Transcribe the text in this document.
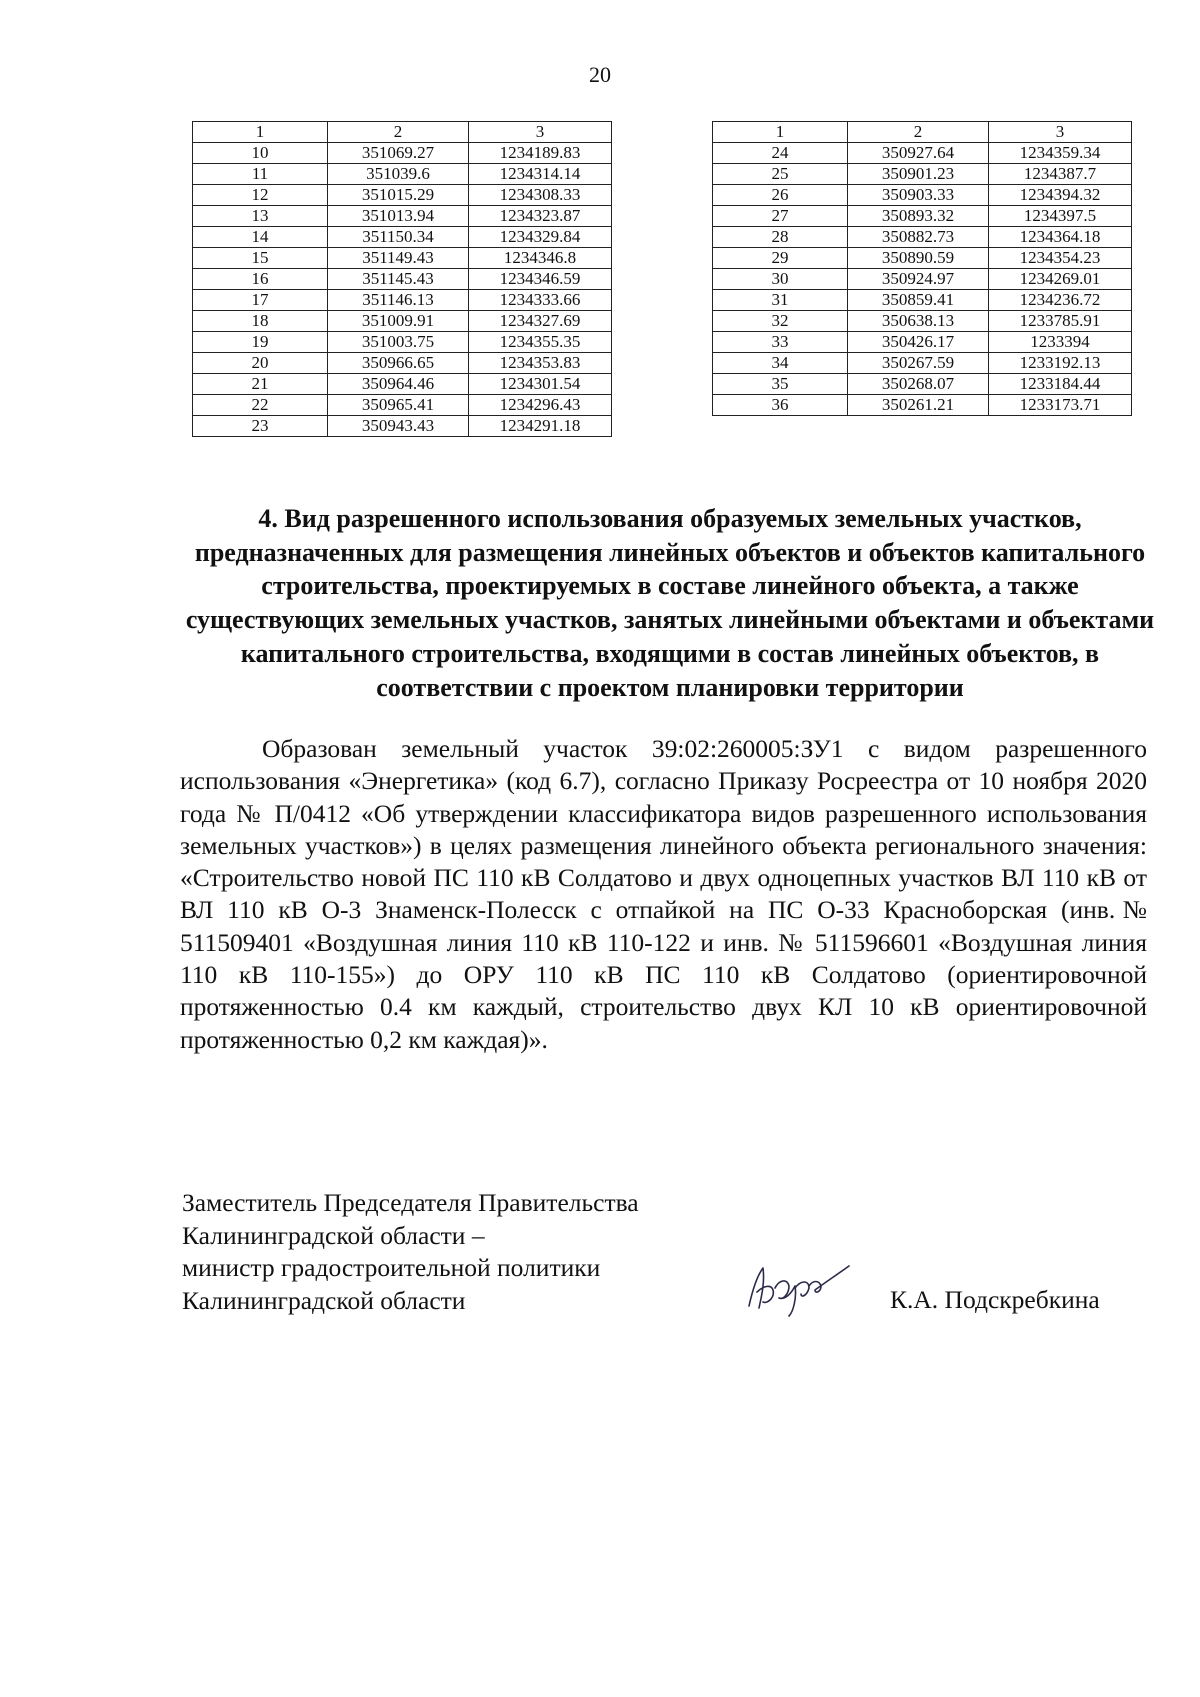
20
1	2	3
10	351069.27	1234189.83
11	351039.6	1234314.14
12	351015.29	1234308.33
13	351013.94	1234323.87
14	351150.34	1234329.84
15	351149.43	1234346.8
16	351145.43	1234346.59
17	351146.13	1234333.66
18	351009.91	1234327.69
19	351003.75	1234355.35
20	350966.65	1234353.83
21	350964.46	1234301.54
22	350965.41	1234296.43
23	350943.43	1234291.18
1	2	3
24	350927.64	1234359.34
25	350901.23	1234387.7
26	350903.33	1234394.32
27	350893.32	1234397.5
28	350882.73	1234364.18
29	350890.59	1234354.23
30	350924.97	1234269.01
31	350859.41	1234236.72
32	350638.13	1233785.91
33	350426.17	1233394
34	350267.59	1233192.13
35	350268.07	1233184.44
36	350261.21	1233173.71
4. Вид разрешенного использования образуемых земельных участков, предназначенных для размещения линейных объектов и объектов капитального строительства, проектируемых в составе линейного объекта, а также существующих земельных участков, занятых линейными объектами и объектами капитального строительства, входящими в состав линейных объектов, в соответствии с проектом планировки территории
Образован земельный участок 39:02:260005:ЗУ1 с видом разрешенного использования «Энергетика» (код 6.7), согласно Приказу Росреестра от 10 ноября 2020 года № П/0412 «Об утверждении классификатора видов разрешенного использования земельных участков») в целях размещения линейного объекта регионального значения: «Строительство новой ПС 110 кВ Солдатово и двух одноцепных участков ВЛ 110 кВ от ВЛ 110 кВ О-3 Знаменск-Полесск с отпайкой на ПС О-33 Красноборская (инв.№ 511509401 «Воздушная линия 110 кВ 110-122 и инв. № 511596601 «Воздушная линия 110 кВ 110-155») до ОРУ 110 кВ ПС 110 кВ Солдатово (ориентировочной протяженностью 0.4 км каждый, строительство двух КЛ 10 кВ ориентировочной протяженностью 0,2 км каждая)».
Заместитель Председателя Правительства
Калининградской области –
министр градостроительной политики
Калининградской области	К.А. Подскребкина
